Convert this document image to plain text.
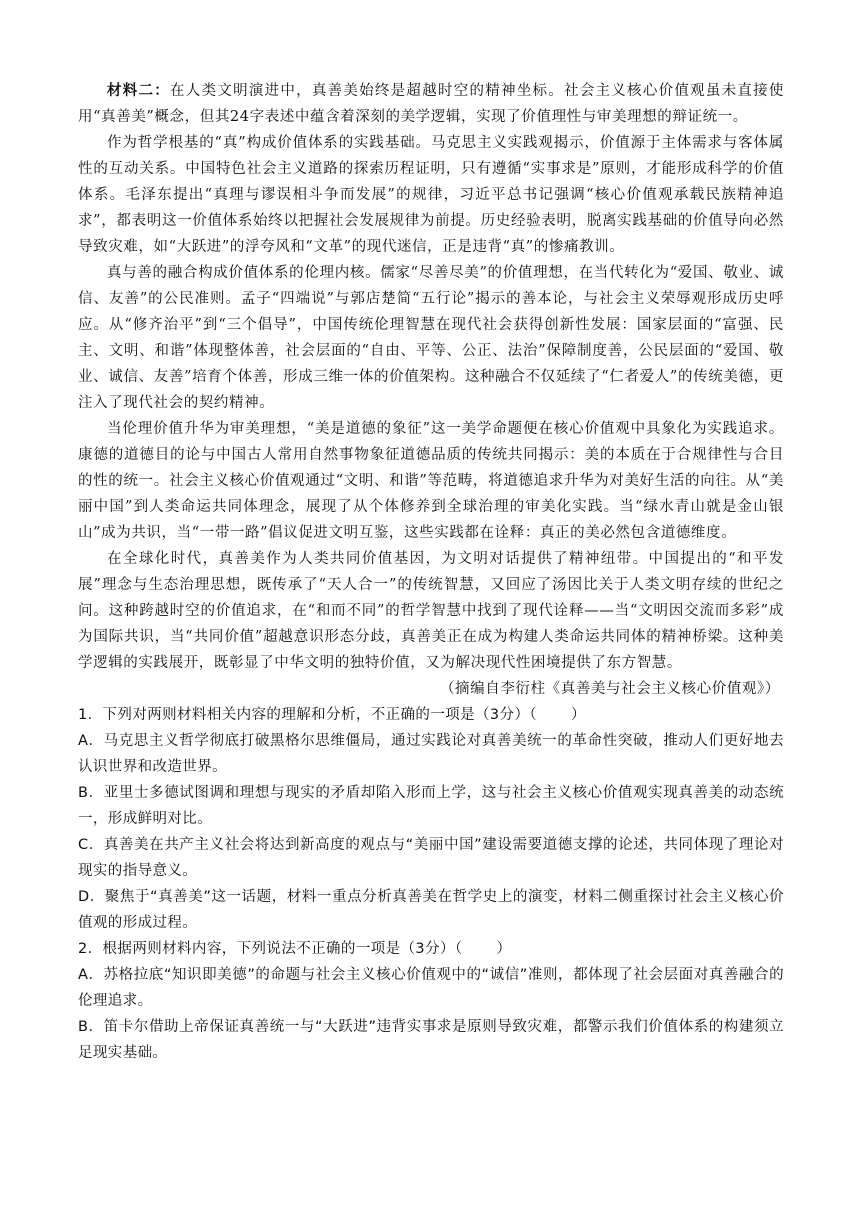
材料二：在人类文明演进中，真善美始终是超越时空的精神坐标。社会主义核心价值观虽未直接使用“真善美”概念，但其24字表述中蕴含着深刻的美学逻辑，实现了价值理性与审美理想的辩证统一。

作为哲学根基的“真”构成价值体系的实践基础。马克思主义实践观揭示，价值源于主体需求与客体属性的互动关系。中国特色社会主义道路的探索历程证明，只有遵循“实事求是”原则，才能形成科学的价值体系。毛泽东提出“真理与谬误相斗争而发展”的规律，习近平总书记强调“核心价值观承载民族精神追求”，都表明这一价值体系始终以把握社会发展规律为前提。历史经验表明，脱离实践基础的价值导向必然导致灾难，如“大跃进”的浮夸风和“文革”的现代迷信，正是违背“真”的惨痛教训。

真与善的融合构成价值体系的伦理内核。儒家“尽善尽美”的价值理想，在当代转化为“爱国、敬业、诚信、友善”的公民准则。孟子“四端说”与郭店楚简“五行论”揭示的善本论，与社会主义荣辱观形成历史呼应。从“修齐治平”到“三个倡导”，中国传统伦理智慧在现代社会获得创新性发展：国家层面的“富强、民主、文明、和谐”体现整体善，社会层面的“自由、平等、公正、法治”保障制度善，公民层面的“爱国、敬业、诚信、友善”培育个体善，形成三维一体的价值架构。这种融合不仅延续了“仁者爱人”的传统美德，更注入了现代社会的契约精神。

当伦理价值升华为审美理想，“美是道德的象征”这一美学命题便在核心价值观中具象化为实践追求。康德的道德目的论与中国古人常用自然事物象征道德品质的传统共同揭示：美的本质在于合规律性与合目的性的统一。社会主义核心价值观通过“文明、和谐”等范畴，将道德追求升华为对美好生活的向往。从“美丽中国”到人类命运共同体理念，展现了从个体修养到全球治理的审美化实践。当“绿水青山就是金山银山”成为共识，当“一带一路”倡议促进文明互鉴，这些实践都在诠释：真正的美必然包含道德维度。

在全球化时代，真善美作为人类共同价值基因，为文明对话提供了精神纽带。中国提出的“和平发展”理念与生态治理思想，既传承了“天人合一”的传统智慧，又回应了汤因比关于人类文明存续的世纪之问。这种跨越时空的价值追求，在“和而不同”的哲学智慧中找到了现代诠释——当“文明因交流而多彩”成为国际共识，当“共同价值”超越意识形态分歧，真善美正在成为构建人类命运共同体的精神桥梁。这种美学逻辑的实践展开，既彰显了中华文明的独特价值，又为解决现代性困境提供了东方智慧。

（摘编自李衍柱《真善美与社会主义核心价值观》）

1．下列对两则材料相关内容的理解和分析，不正确的一项是（3分）（ ）

A．马克思主义哲学彻底打破黑格尔思维僵局，通过实践论对真善美统一的革命性突破，推动人们更好地去认识世界和改造世界。

B．亚里士多德试图调和理想与现实的矛盾却陷入形而上学，这与社会主义核心价值观实现真善美的动态统一，形成鲜明对比。

C．真善美在共产主义社会将达到新高度的观点与“美丽中国”建设需要道德支撑的论述，共同体现了理论对现实的指导意义。

D．聚焦于“真善美”这一话题，材料一重点分析真善美在哲学史上的演变，材料二侧重探讨社会主义核心价值观的形成过程。

2．根据两则材料内容，下列说法不正确的一项是（3分）（ ）

A．苏格拉底“知识即美德”的命题与社会主义核心价值观中的“诚信”准则，都体现了社会层面对真善融合的伦理追求。

B．笛卡尔借助上帝保证真善统一与“大跃进”违背实事求是原则导致灾难，都警示我们价值体系的构建须立足现实基础。
